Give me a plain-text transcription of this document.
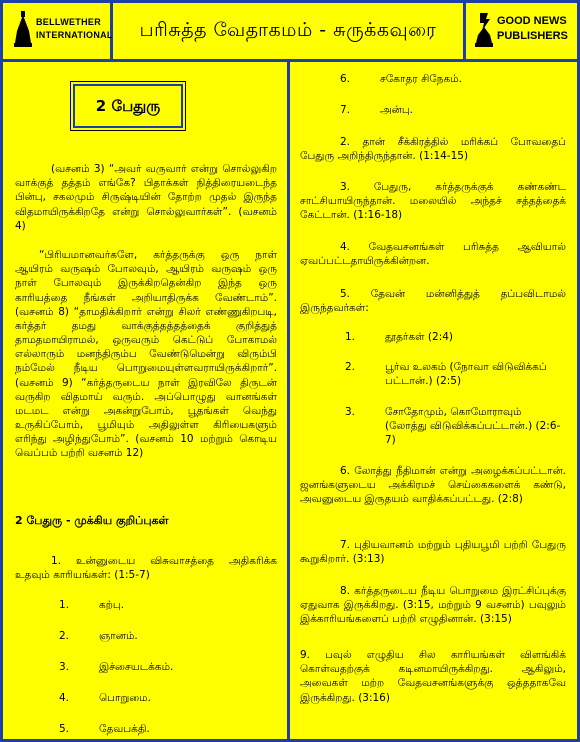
BELLWETHER
INTERNATIONAL பரிசுத்த வேதாகமம் - சுருக்கவுரை	GOOD NEWS
PUBLISHERS
2 பேதுரு
(வசனம் 3) “அவர் வருவார் என்று சொல்லுகிற வாக்குத் தத்தம் எங்கே? பிதாக்கள் நித்திரையடைந்த பின்பு, சகலமும் சிருஷ்டியின் தோற்ற முதல் இருந்த விதமாயிருக்கிறதே என்று சொல்லுவார்கள்”. (வசனம் 4)
“பிரியமானவர்களே, கர்த்தருக்கு ஒரு நாள் ஆயிரம் வருஷம் போலவும், ஆயிரம் வருஷம் ஒரு நாள் போலவும் இருக்கிறதென்கிற இந்த ஒரு காரியத்தை நீங்கள் அறியாதிருக்க வேண்டாம்”. (வசனம் 8) “தாமதிக்கிறார் என்று சிலர் எண்ணுகிறபடி, கர்த்தர் தமது வாக்குத்தத்தத்தைக் குறித்துத் தாமதமாயிராமல், ஒருவரும் கெட்டுப் போகாமல் எல்லாரும் மனந்திரும்ப வேண்டுமென்று விரும்பி நம்மேல் நீடிய பொறுமையுள்ளவராயிருக்கிறார்”. (வசனம் 9) “கர்த்தருடைய நாள் இரவிலே திருடன் வருகிற விதமாய் வரும். அப்பொழுது வானங்கள் மடமட என்று அகன்றுபோம், பூதங்கள் வெந்து உருகிப்போம், பூமியும் அதிலுள்ள கிரியைகளும் எரிந்து அழிந்துபோம்”. (வசனம் 10 மற்றும் கொடிய வெப்பம் பற்றி வசனம் 12)
2 பேதுரு - முக்கிய குறிப்புகள்
1. உன்னுடைய விசுவாசத்தை அதிகரிக்க உதவும் காரியங்கள்: (1:5-7)
1.	கற்பு.
2.	ஞானம்.
3.	இச்சையடக்கம்.
4.	பொறுமை.
5.	தேவபக்தி.
6.	சகோதர சிநேகம்.
7.	அன்பு.
2. தான் சீக்கிரத்தில் மரிக்கப் போவதைப் பேதுரு அறிந்திருந்தான். (1:14-15)
3. பேதுரு, கர்த்தருக்குக் கண்கண்ட சாட்சியாயிருந்தான். மலையில் அந்தச் சத்தத்தைக் கேட்டான். (1:16-18)
4. வேதவசனங்கள் பரிசுத்த ஆவியால் ஏவப்பட்டதாயிருக்கின்றன.
5. தேவன் மன்னித்துத் தப்பவிடாமல் இருந்தவர்கள்:
1.	தூதர்கள் (2:4)
2.	பூர்வ உலகம் (நோவா விடுவிக்கப் பட்டான்.) (2:5)
3.	சோதோமும், கொமோராவும் (லோத்து விடுவிக்கப்பட்டான்.) (2:6-7)
6. லோத்து நீதிமான் என்று அழைக்கப்பட்டான். ஜனங்களுடைய அக்கிரமச் செய்கைகளைக் கண்டு, அவனுடைய இருதயம் வாதிக்கப்பட்டது. (2:8)
7. புதியவானம் மற்றும் புதியபூமி பற்றி பேதுரு கூறுகிறார். (3:13)
8. கர்த்தருடைய நீடிய பொறுமை இரட்சிப்புக்கு ஏதுவாக இருக்கிறது. (3:15, மற்றும் 9 வசனம்) பவுலும் இக்காரியங்களைப் பற்றி எழுதினான். (3:15)
9. பவுல் எழுதிய சில காரியங்கள் விளங்கிக் கொள்வதற்குக் கடினமாயிருக்கிறது. ஆகிலும், அவைகள் மற்ற வேதவசனங்களுக்கு ஒத்ததாகவே இருக்கிறது. (3:16)
